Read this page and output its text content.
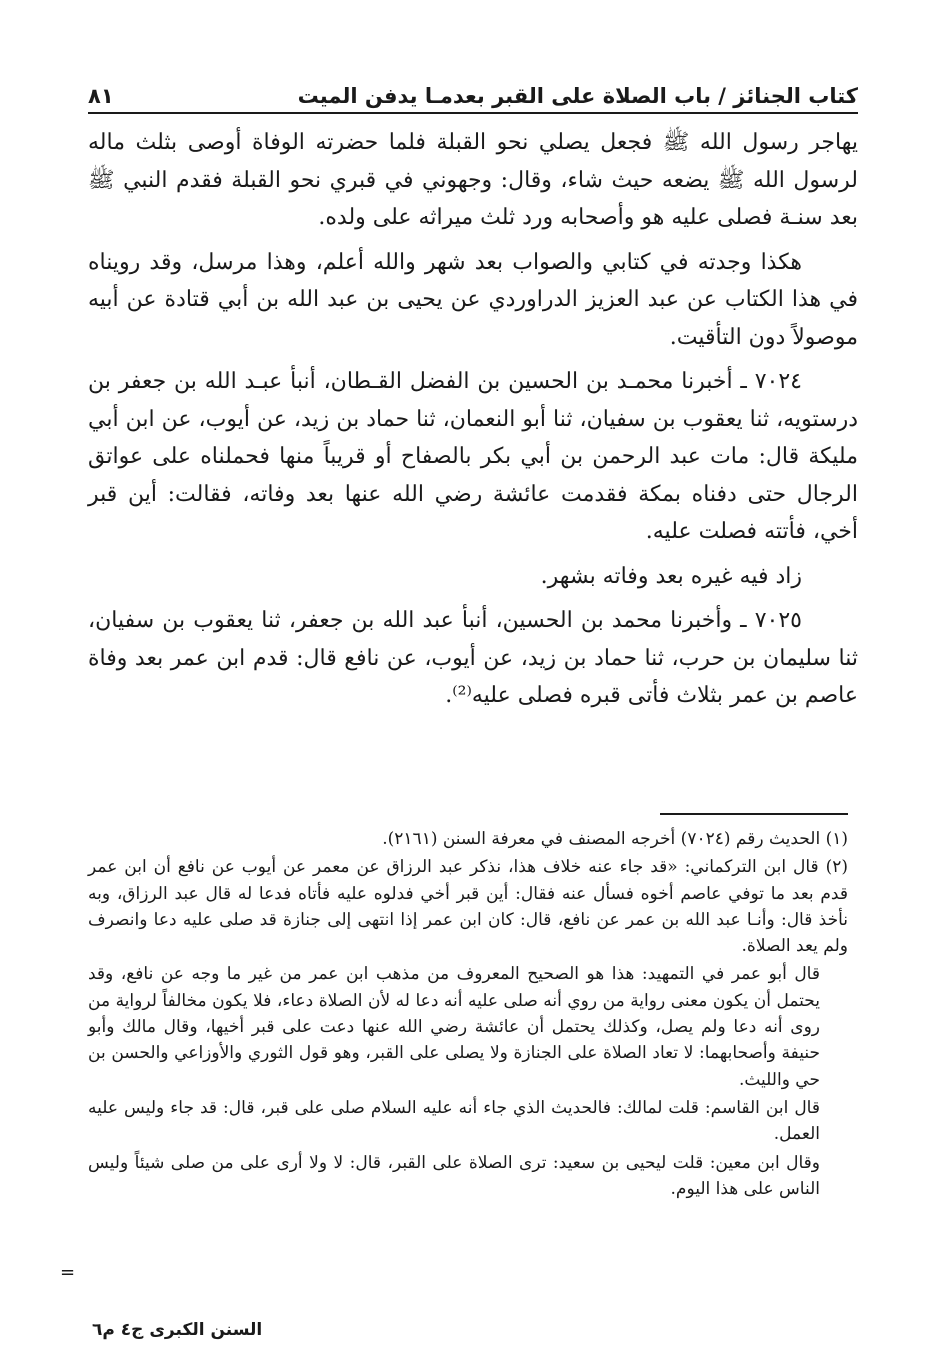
كتاب الجنائز / باب الصلاة على القبر بعدمـا يدفن الميت
٨١

يهاجر رسول الله ﷺ فجعل يصلي نحو القبلة فلما حضرته الوفاة أوصى بثلث ماله لرسول الله ﷺ يضعه حيث شاء، وقال: وجهوني في قبري نحو القبلة فقدم النبي ﷺ بعد سنـة فصلى عليه هو وأصحابه ورد ثلث ميراثه على ولده.

هكذا وجدته في كتابي والصواب بعد شهر والله أعلم، وهذا مرسل، وقد رويناه في هذا الكتاب عن عبد العزيز الدراوردي عن يحيى بن عبد الله بن أبي قتادة عن أبيه موصولاً دون التأقيت.

٧٠٢٤ ـ أخبرنا محمـد بن الحسين بن الفضل القـطان، أنبأ عبـد الله بن جعفر بن درستويه، ثنا يعقوب بن سفيان، ثنا أبو النعمان، ثنا حماد بن زيد، عن أيوب، عن ابن أبي مليكة قال: مات عبد الرحمن بن أبي بكر بالصفاح أو قريباً منها فحملناه على عواتق الرجال حتى دفناه بمكة فقدمت عائشة رضي الله عنها بعد وفاته، فقالت: أين قبر أخي، فأتته فصلت عليه.

زاد فيه غيره بعد وفاته بشهر.

٧٠٢٥ ـ وأخبرنا محمد بن الحسين، أنبأ عبد الله بن جعفر، ثنا يعقوب بن سفيان، ثنا سليمان بن حرب، ثنا حماد بن زيد، عن أيوب، عن نافع قال: قدم ابن عمر بعد وفاة عاصم بن عمر بثلاث فأتى قبره فصلى عليه⁽²⁾.

(١) الحديث رقم (٧٠٢٤) أخرجه المصنف في معرفة السنن (٢١٦١).

(٢) قال ابن التركماني: «قد جاء عنه خلاف هذا، نذكر عبد الرزاق عن معمر عن أيوب عن نافع أن ابن عمر قدم بعد ما توفي عاصم أخوه فسأل عنه فقال: أين قبر أخي فدلوه عليه فأتاه فدعا له قال عبد الرزاق، وبه نأخذ قال: وأنـا عبد الله بن عمر عن نافع، قال: كان ابن عمر إذا انتهى إلى جنازة قد صلى عليه دعا وانصرف ولم يعد الصلاة.

قال أبو عمر في التمهيد: هذا هو الصحيح المعروف من مذهب ابن عمر من غير ما وجه عن نافع، وقد يحتمل أن يكون معنى رواية من روي أنه صلى عليه أنه دعا له لأن الصلاة دعاء، فلا يكون مخالفاً لرواية من روى أنه دعا ولم يصل، وكذلك يحتمل أن عائشة رضي الله عنها دعت على قبر أخيها، وقال مالك وأبو حنيفة وأصحابهما: لا تعاد الصلاة على الجنازة ولا يصلى على القبر، وهو قول الثوري والأوزاعي والحسن بن حي والليث.

قال ابن القاسم: قلت لمالك: فالحديث الذي جاء أنه عليه السلام صلى على قبر، قال: قد جاء وليس عليه العمل.

وقال ابن معين: قلت ليحيى بن سعيد: ترى الصلاة على القبر، قال: لا ولا أرى على من صلى شيئاً وليس الناس على هذا اليوم.

=
السنن الكبرى ج٤ م٦
